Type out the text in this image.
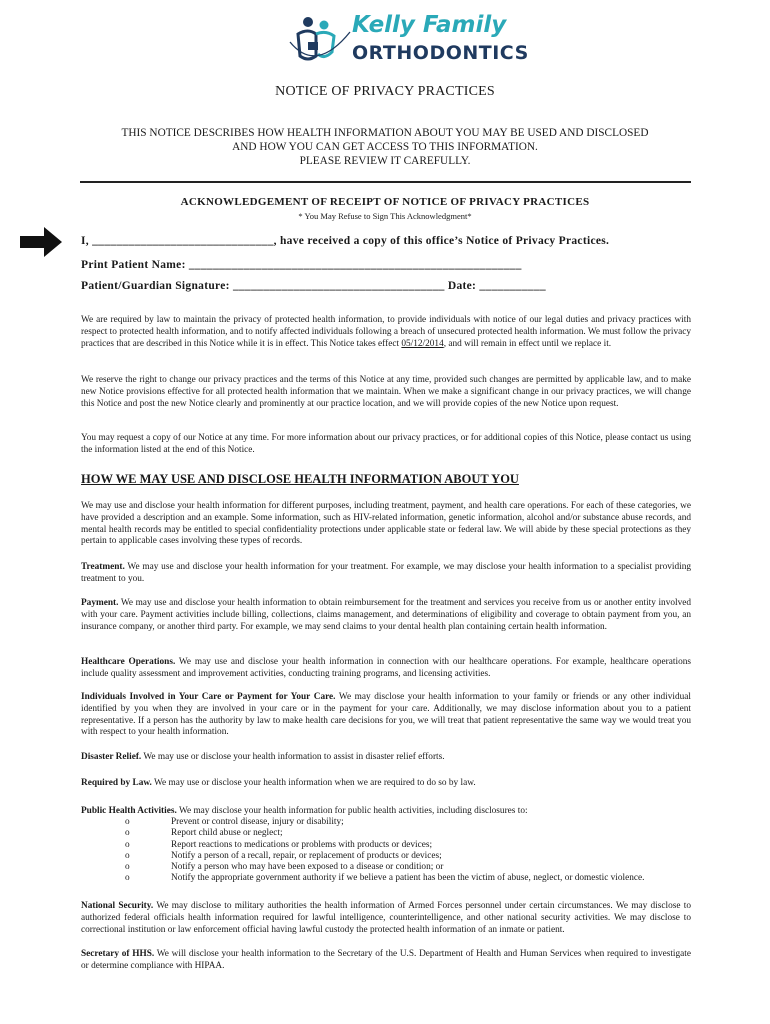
Kelly Family
ORTHODONTICS
NOTICE OF PRIVACY PRACTICES
THIS NOTICE DESCRIBES HOW HEALTH INFORMATION ABOUT YOU MAY BE USED AND DISCLOSED
AND HOW YOU CAN GET ACCESS TO THIS INFORMATION.
PLEASE REVIEW IT CAREFULLY.
ACKNOWLEDGEMENT OF RECEIPT OF NOTICE OF PRIVACY PRACTICES
* You May Refuse to Sign This Acknowledgment*
I, ______________________________, have received a copy of this office’s Notice of Privacy Practices.
Print Patient Name: _______________________________________________________
Patient/Guardian Signature: ___________________________________ Date: ___________

We are required by law to maintain the privacy of protected health information, to provide individuals with notice of our legal duties and privacy practices with respect to protected health information, and to notify affected individuals following a breach of unsecured protected health information. We must follow the privacy practices that are described in this Notice while it is in effect. This Notice takes effect 05/12/2014, and will remain in effect until we replace it.

We reserve the right to change our privacy practices and the terms of this Notice at any time, provided such changes are permitted by applicable law, and to make new Notice provisions effective for all protected health information that we maintain. When we make a significant change in our privacy practices, we will change this Notice and post the new Notice clearly and prominently at our practice location, and we will provide copies of the new Notice upon request.

You may request a copy of our Notice at any time. For more information about our privacy practices, or for additional copies of this Notice, please contact us using the information listed at the end of this Notice.

HOW WE MAY USE AND DISCLOSE HEALTH INFORMATION ABOUT YOU

We may use and disclose your health information for different purposes, including treatment, payment, and health care operations. For each of these categories, we have provided a description and an example. Some information, such as HIV-related information, genetic information, alcohol and/or substance abuse records, and mental health records may be entitled to special confidentiality protections under applicable state or federal law. We will abide by these special protections as they pertain to applicable cases involving these types of records.

Treatment. We may use and disclose your health information for your treatment. For example, we may disclose your health information to a specialist providing treatment to you.

Payment. We may use and disclose your health information to obtain reimbursement for the treatment and services you receive from us or another entity involved with your care. Payment activities include billing, collections, claims management, and determinations of eligibility and coverage to obtain payment from you, an insurance company, or another third party. For example, we may send claims to your dental health plan containing certain health information.

Healthcare Operations. We may use and disclose your health information in connection with our healthcare operations. For example, healthcare operations include quality assessment and improvement activities, conducting training programs, and licensing activities.

Individuals Involved in Your Care or Payment for Your Care. We may disclose your health information to your family or friends or any other individual identified by you when they are involved in your care or in the payment for your care. Additionally, we may disclose information about you to a patient representative. If a person has the authority by law to make health care decisions for you, we will treat that patient representative the same way we would treat you with respect to your health information.

Disaster Relief. We may use or disclose your health information to assist in disaster relief efforts.

Required by Law. We may use or disclose your health information when we are required to do so by law.

Public Health Activities. We may disclose your health information for public health activities, including disclosures to:

o	Prevent or control disease, injury or disability;
o	Report child abuse or neglect;
o	Report reactions to medications or problems with products or devices;
o	Notify a person of a recall, repair, or replacement of products or devices;
o	Notify a person who may have been exposed to a disease or condition; or
o	Notify the appropriate government authority if we believe a patient has been the victim of abuse, neglect, or domestic violence.

National Security. We may disclose to military authorities the health information of Armed Forces personnel under certain circumstances. We may disclose to authorized federal officials health information required for lawful intelligence, counterintelligence, and other national security activities. We may disclose to correctional institution or law enforcement official having lawful custody the protected health information of an inmate or patient.

Secretary of HHS. We will disclose your health information to the Secretary of the U.S. Department of Health and Human Services when required to investigate or determine compliance with HIPAA.
